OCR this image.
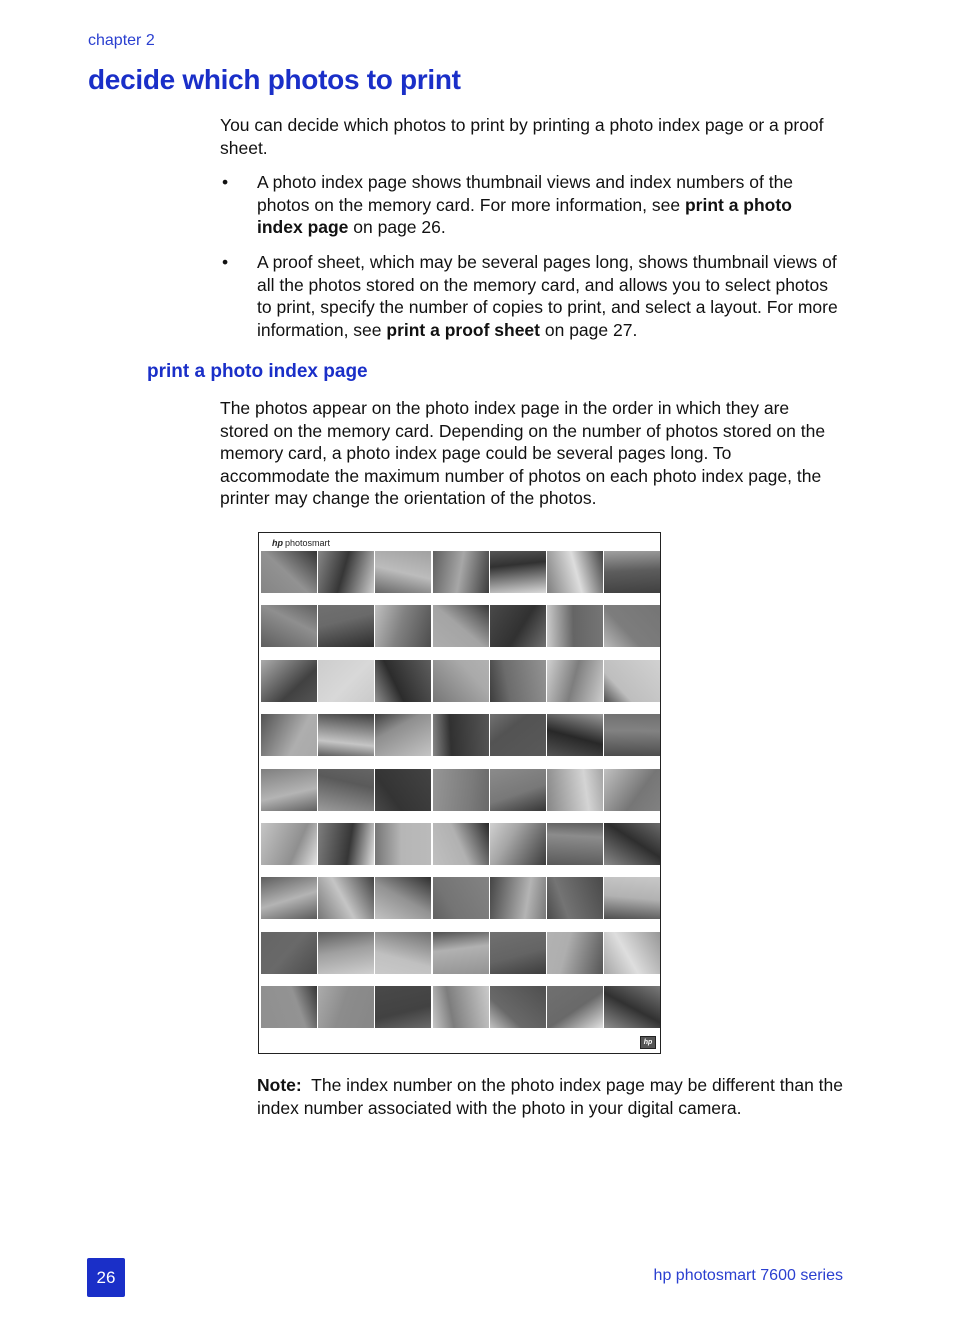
chapter 2
decide which photos to print

You can decide which photos to print by printing a photo index page or a proof sheet.

• A photo index page shows thumbnail views and index numbers of the photos on the memory card. For more information, see print a photo index page on page 26.

• A proof sheet, which may be several pages long, shows thumbnail views of all the photos stored on the memory card, and allows you to select photos to print, specify the number of copies to print, and select a layout. For more information, see print a proof sheet on page 27.

print a photo index page

The photos appear on the photo index page in the order in which they are stored on the memory card. Depending on the number of photos stored on the memory card, a photo index page could be several pages long. To accommodate the maximum number of photos on each photo index page, the printer may change the orientation of the photos.

hp photosmart
hp

Note: The index number on the photo index page may be different than the index number associated with the photo in your digital camera.

26	hp photosmart 7600 series
